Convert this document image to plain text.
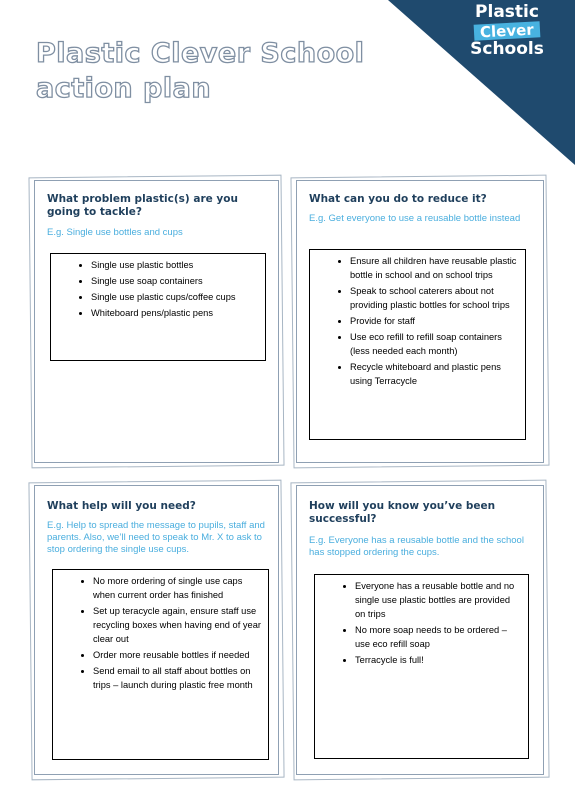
Plastic
Clever
Schools
Plastic Clever School
action plan
What problem plastic(s) are you going to tackle?

E.g. Single use bottles and cups

• Single use plastic bottles
• Single use soap containers
• Single use plastic cups/coffee cups
• Whiteboard pens/plastic pens
What can you do to reduce it?

E.g. Get everyone to use a reusable bottle instead

• Ensure all children have reusable plastic bottle in school and on school trips
• Speak to school caterers about not providing plastic bottles for school trips
• Provide for staff
• Use eco refill to refill soap containers (less needed each month)
• Recycle whiteboard and plastic pens using Terracycle
What help will you need?

E.g. Help to spread the message to pupils, staff and parents. Also, we’ll need to speak to Mr. X to ask to stop ordering the single use cups.

• No more ordering of single use caps when current order has finished
• Set up teracycle again, ensure staff use recycling boxes when having end of year clear out
• Order more reusable bottles if needed
• Send email to all staff about bottles on trips – launch during plastic free month
How will you know you’ve been successful?

E.g. Everyone has a reusable bottle and the school has stopped ordering the cups.

• Everyone has a reusable bottle and no single use plastic bottles are provided on trips
• No more soap needs to be ordered – use eco refill soap
• Terracycle is full!
